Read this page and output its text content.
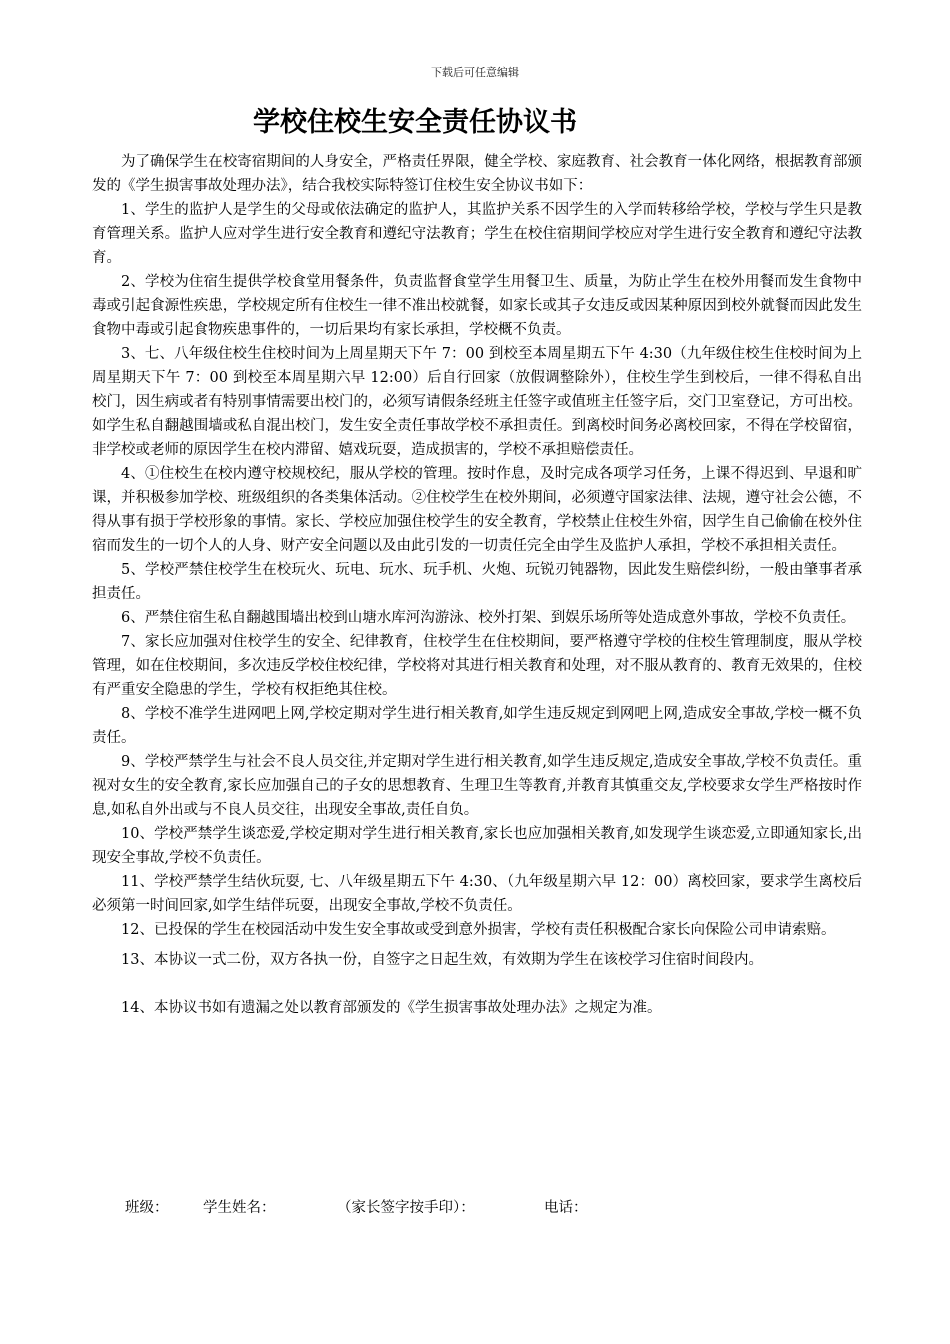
下载后可任意编辑
学校住校生安全责任协议书

为了确保学生在校寄宿期间的人身安全，严格责任界限，健全学校、家庭教育、社会教育一体化网络，根据教育部颁发的《学生损害事故处理办法》，结合我校实际特签订住校生安全协议书如下：

1、学生的监护人是学生的父母或依法确定的监护人，其监护关系不因学生的入学而转移给学校，学校与学生只是教育管理关系。监护人应对学生进行安全教育和遵纪守法教育；学生在校住宿期间学校应对学生进行安全教育和遵纪守法教育。

2、学校为住宿生提供学校食堂用餐条件，负责监督食堂学生用餐卫生、质量，为防止学生在校外用餐而发生食物中毒或引起食源性疾患，学校规定所有住校生一律不准出校就餐，如家长或其子女违反或因某种原因到校外就餐而因此发生食物中毒或引起食物疾患事件的，一切后果均有家长承担，学校概不负责。

3、七、八年级住校生住校时间为上周星期天下午 7：00 到校至本周星期五下午 4:30（九年级住校生住校时间为上周星期天下午 7：00 到校至本周星期六早 12:00）后自行回家（放假调整除外），住校生学生到校后，一律不得私自出校门，因生病或者有特别事情需要出校门的，必须写请假条经班主任签字或值班主任签字后，交门卫室登记，方可出校。如学生私自翻越围墙或私自混出校门，发生安全责任事故学校不承担责任。到离校时间务必离校回家，不得在学校留宿，非学校或老师的原因学生在校内滞留、嬉戏玩耍，造成损害的，学校不承担赔偿责任。

4、①住校生在校内遵守校规校纪，服从学校的管理。按时作息，及时完成各项学习任务，上课不得迟到、早退和旷课，并积极参加学校、班级组织的各类集体活动。②住校学生在校外期间，必须遵守国家法律、法规，遵守社会公德，不得从事有损于学校形象的事情。家长、学校应加强住校学生的安全教育，学校禁止住校生外宿，因学生自己偷偷在校外住宿而发生的一切个人的人身、财产安全问题以及由此引发的一切责任完全由学生及监护人承担，学校不承担相关责任。

5、学校严禁住校学生在校玩火、玩电、玩水、玩手机、火炮、玩锐刃钝器物，因此发生赔偿纠纷，一般由肇事者承担责任。

6、严禁住宿生私自翻越围墙出校到山塘水库河沟游泳、校外打架、到娱乐场所等处造成意外事故，学校不负责任。

7、家长应加强对住校学生的安全、纪律教育，住校学生在住校期间，要严格遵守学校的住校生管理制度，服从学校管理，如在住校期间，多次违反学校住校纪律，学校将对其进行相关教育和处理，对不服从教育的、教育无效果的，住校有严重安全隐患的学生，学校有权拒绝其住校。

8、学校不准学生进网吧上网,学校定期对学生进行相关教育,如学生违反规定到网吧上网,造成安全事故,学校一概不负责任。

9、学校严禁学生与社会不良人员交往,并定期对学生进行相关教育,如学生违反规定,造成安全事故,学校不负责任。重视对女生的安全教育,家长应加强自己的子女的思想教育、生理卫生等教育,并教育其慎重交友,学校要求女学生严格按时作息,如私自外出或与不良人员交往，出现安全事故,责任自负。

10、学校严禁学生谈恋爱,学校定期对学生进行相关教育,家长也应加强相关教育,如发现学生谈恋爱,立即通知家长,出现安全事故,学校不负责任。

11、学校严禁学生结伙玩耍, 七、八年级星期五下午 4:30、（九年级星期六早 12：00）离校回家，要求学生离校后必须第一时间回家,如学生结伴玩耍，出现安全事故,学校不负责任。

12、已投保的学生在校园活动中发生安全事故或受到意外损害，学校有责任积极配合家长向保险公司申请索赔。

13、本协议一式二份，双方各执一份，自签字之日起生效，有效期为学生在该校学习住宿时间段内。

14、本协议书如有遗漏之处以教育部颁发的《学生损害事故处理办法》之规定为准。

班级： 学生姓名：	（家长签字按手印）：	电话：
